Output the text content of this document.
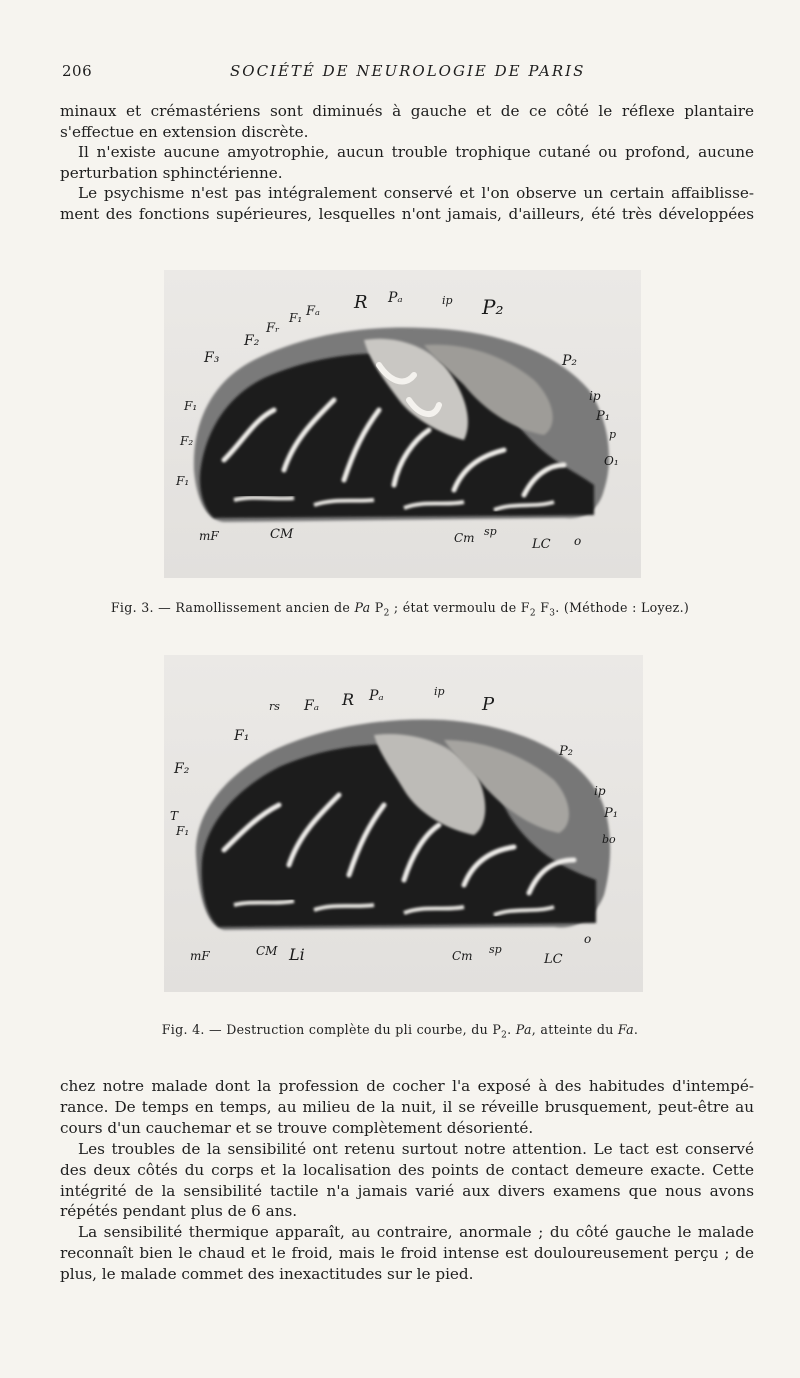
206	SOCIÉTÉ DE NEUROLOGIE DE PARIS

minaux et crémastériens sont diminués à gauche et de ce côté le réflexe plantaire
s'effectue en extension discrète.

Il n'existe aucune amyotrophie, aucun trouble trophique cutané ou profond, aucune
perturbation sphinctérienne.

Le psychisme n'est pas intégralement conservé et l'on observe un certain affaiblisse-
ment des fonctions supérieures, lesquelles n'ont jamais, d'ailleurs, été très développées

F₃
F₂
Fᵣ
F₁ Fₐ R Pₐ	ip P₂
P₂
ip
P₁
F₁
F₂
F₁
mF	CM	Cm sp
LC o
O₁
p
Fig. 3. — Ramollissement ancien de Pa $P_2$ ; état vermoulu de $F_2$ $F_3$. (Méthode : Loyez.)
F₂
F₁
rs Fₐ R Pₐ	ip
P
P₂
ip
P₁
bo
F₁
mF	CM Li	Cm sp
LC
o
T
Fig. 4. — Destruction complète du pli courbe, du $P_2$. Pa, atteinte du Fa.

chez notre malade dont la profession de cocher l'a exposé à des habitudes d'intempé-
rance. De temps en temps, au milieu de la nuit, il se réveille brusquement, peut-être au
cours d'un cauchemar et se trouve complètement désorienté.

Les troubles de la sensibilité ont retenu surtout notre attention. Le tact est conservé
des deux côtés du corps et la localisation des points de contact demeure exacte. Cette
intégrité de la sensibilité tactile n'a jamais varié aux divers examens que nous avons
répétés pendant plus de 6 ans.

La sensibilité thermique apparaît, au contraire, anormale ; du côté gauche le malade
reconnaît bien le chaud et le froid, mais le froid intense est douloureusement perçu ; de
plus, le malade commet des inexactitudes sur le pied.
